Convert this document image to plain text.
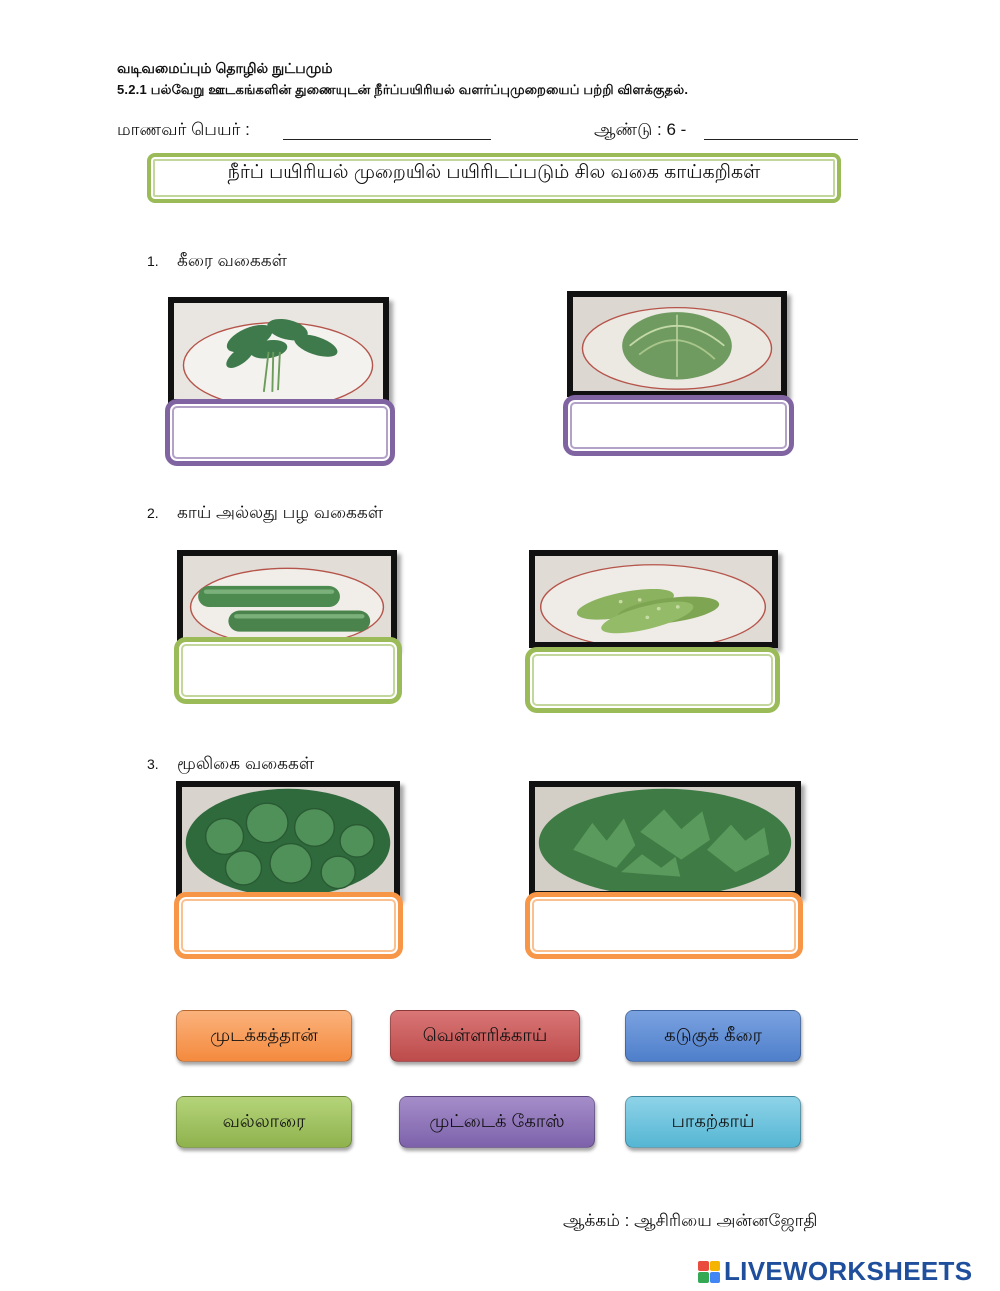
வடிவமைப்பும் தொழில் நுட்பமும்
5.2.1 பல்வேறு ஊடகங்களின் துணையுடன் நீர்ப்பயிரியல் வளர்ப்புமுறையைப் பற்றி விளக்குதல்.
மாணவர் பெயர் :	ஆண்டு : 6 -
நீர்ப் பயிரியல் முறையில் பயிரிடப்படும் சில வகை காய்கறிகள்
1. கீரை வகைகள்
2. காய் அல்லது பழ வகைகள்
3. மூலிகை வகைகள்
முடக்கத்தான்	வெள்ளரிக்காய்	கடுகுக் கீரை
வல்லாரை	முட்டைக் கோஸ்	பாகற்காய்
ஆக்கம் : ஆசிரியை அன்னஜோதி
LIVEWORKSHEETS
